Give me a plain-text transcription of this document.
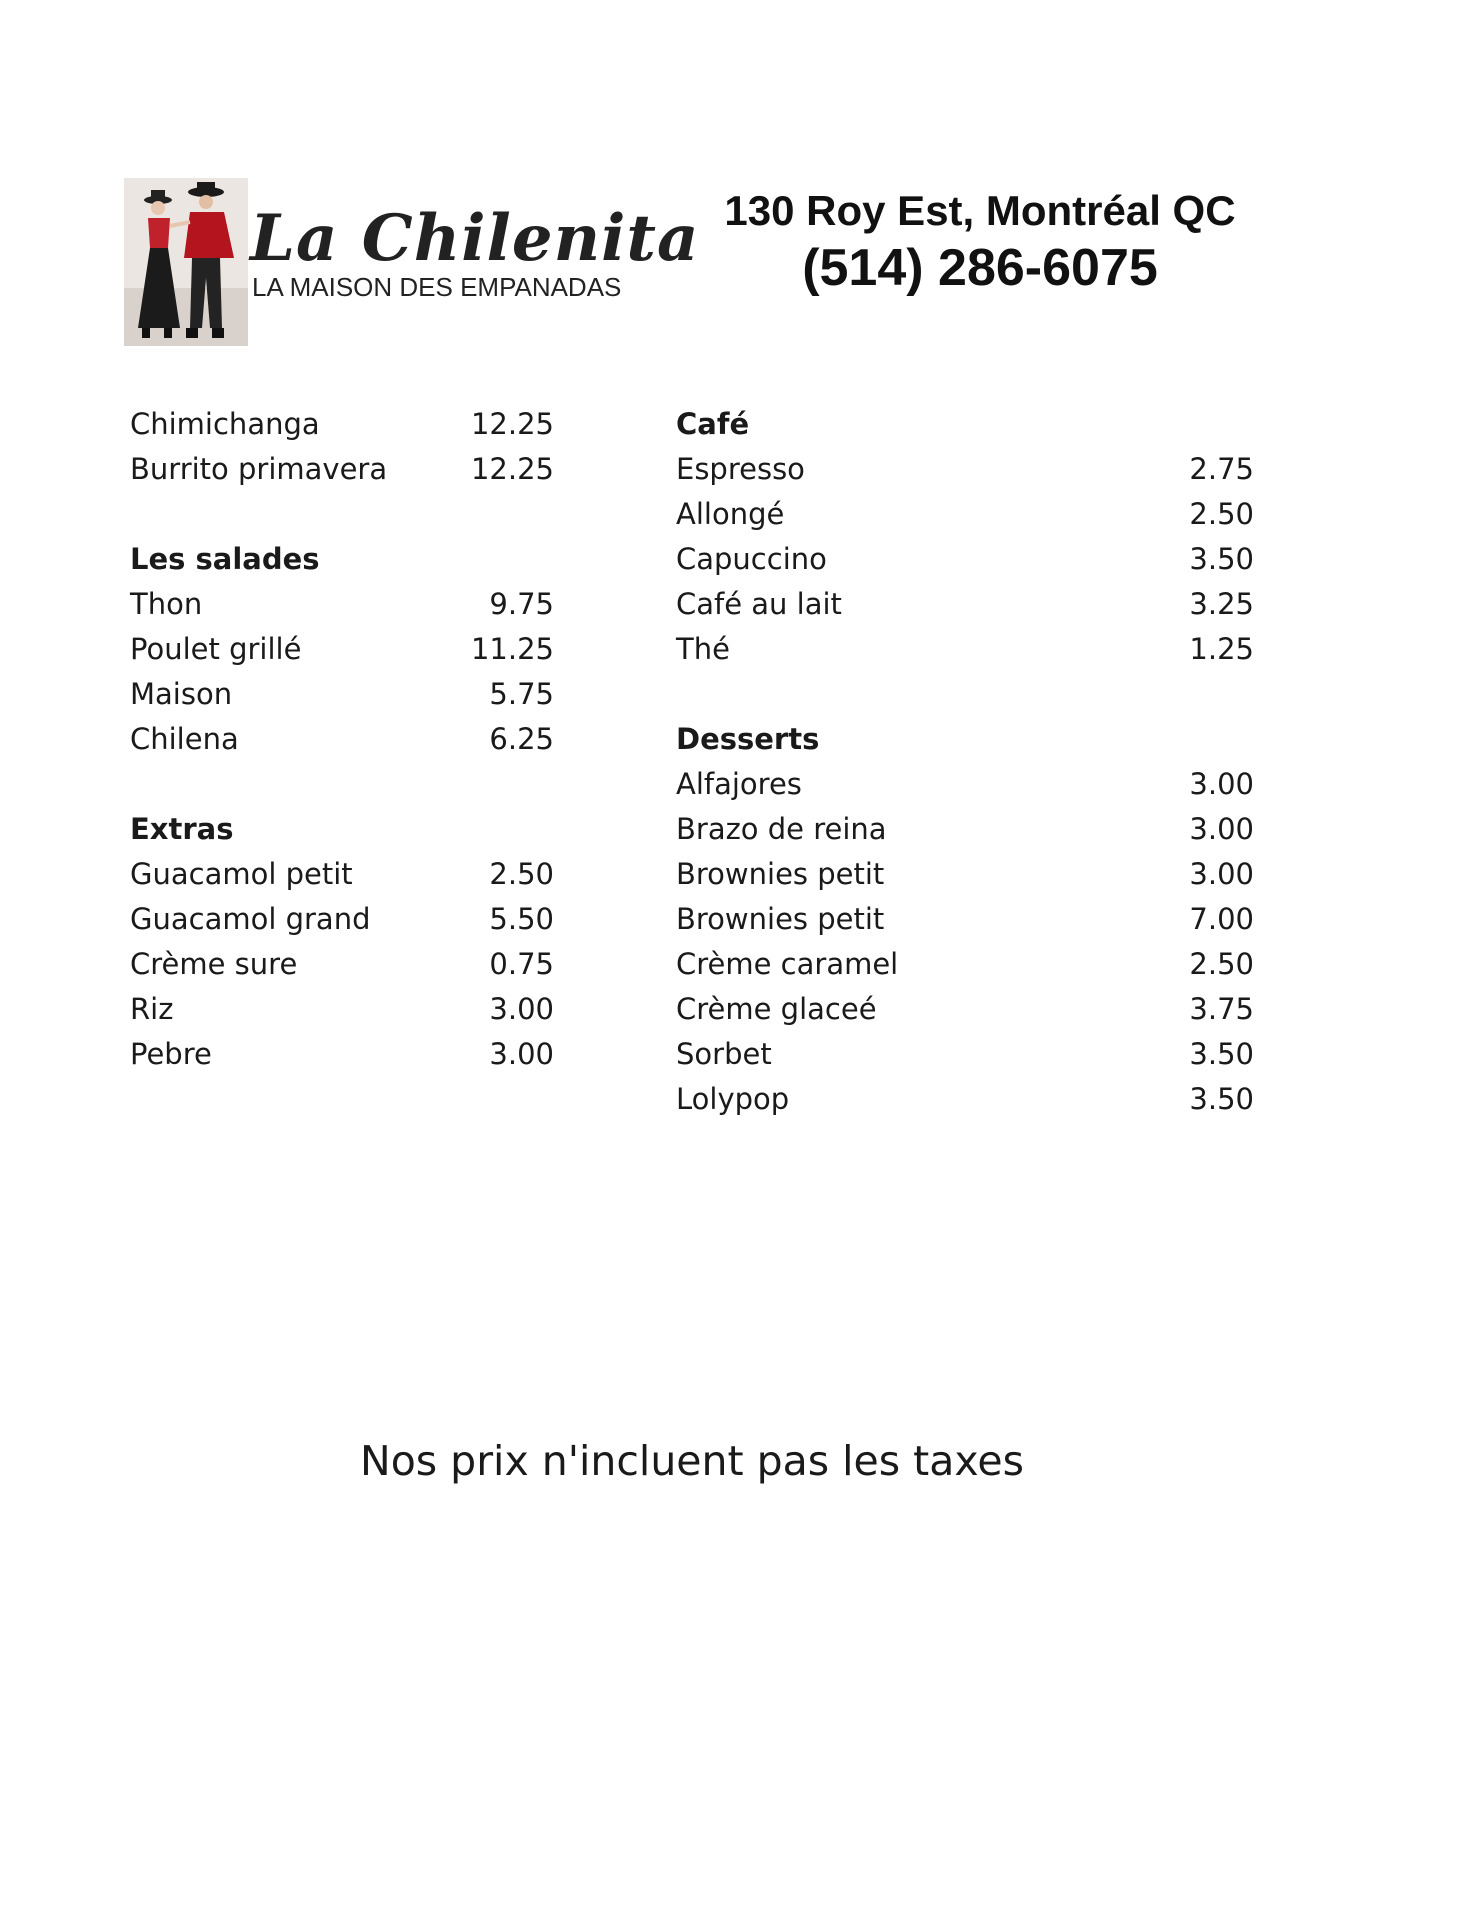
La Chilenita
LA MAISON DES EMPANADAS
130 Roy Est, Montréal QC
(514) 286-6075
Chimichanga	12.25
Burrito primavera	12.25
Les salades
Thon	9.75
Poulet grillé	11.25
Maison	5.75
Chilena	6.25
Extras
Guacamol petit	2.50
Guacamol grand	5.50
Crème sure	0.75
Riz	3.00
Pebre	3.00
Café
Espresso	2.75
Allongé	2.50
Capuccino	3.50
Café au lait	3.25
Thé	1.25
Desserts
Alfajores	3.00
Brazo de reina	3.00
Brownies petit	3.00
Brownies petit	7.00
Crème caramel	2.50
Crème glaceé	3.75
Sorbet	3.50
Lolypop	3.50
Nos prix n'incluent pas les taxes
